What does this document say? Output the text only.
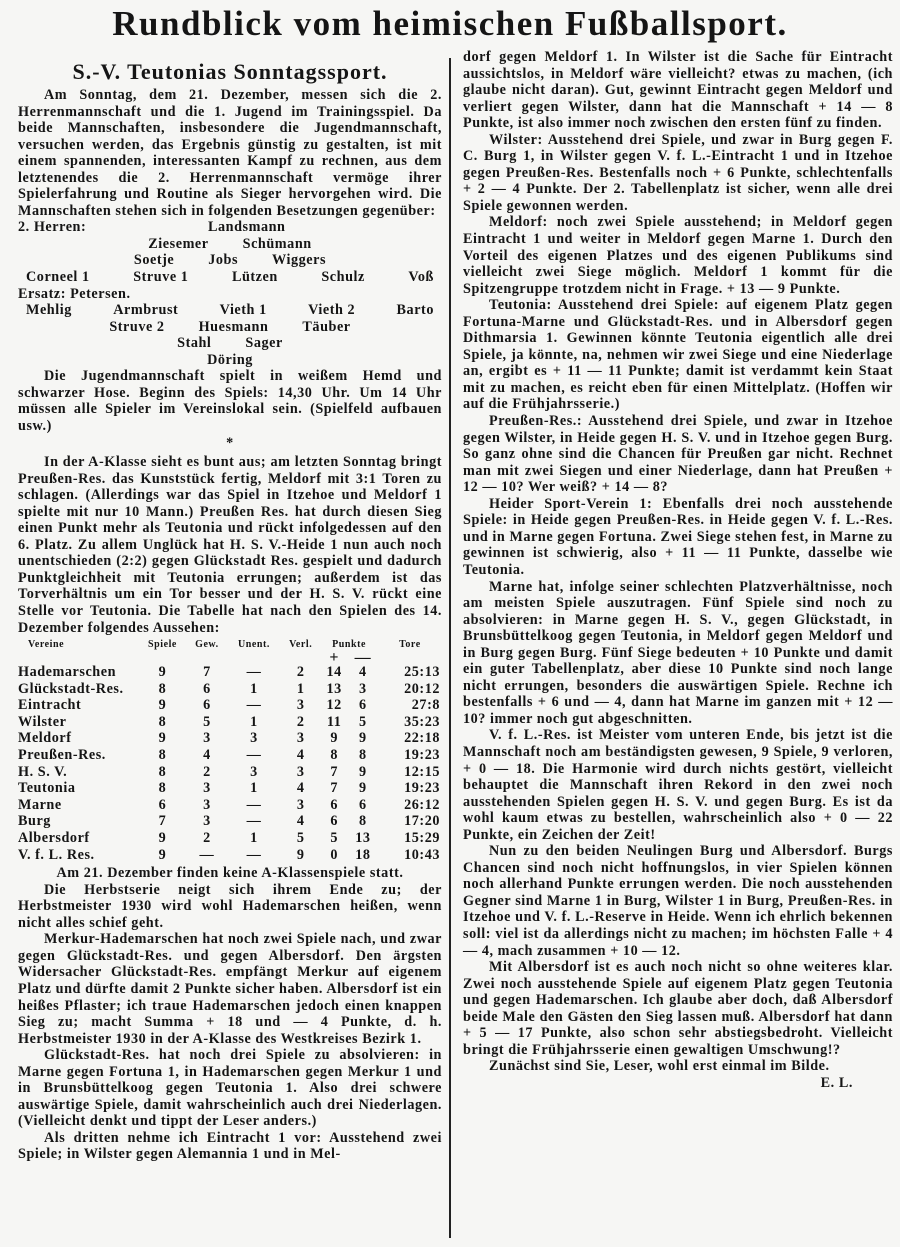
Rundblick vom heimischen Fußballsport.
S.-V. Teutonias Sonntagssport.

Am Sonntag, dem 21. Dezember, messen sich die 2. Herrenmannschaft und die 1. Jugend im Trainingsspiel. Da beide Mannschaften, insbesondere die Jugendmannschaft, versuchen werden, das Ergebnis günstig zu gestalten, ist mit einem spannenden, interessanten Kampf zu rechnen, aus dem letztenendes die 2. Herrenmannschaft vermöge ihrer Spielerfahrung und Routine als Sieger hervorgehen wird. Die Mannschaften stehen sich in folgenden Besetzungen gegenüber:

2. Herren:	Landsmann
Ziesemer Schümann
Soetje Jobs Wiggers
Corneel 1	Struve 1	Lützen	Schulz	Voß
Ersatz: Petersen.
Mehlig	Armbrust	Vieth 1	Vieth 2	Barto
Struve 2 Huesmann Täuber
Stahl Sager
Döring

Die Jugendmannschaft spielt in weißem Hemd und schwarzer Hose. Beginn des Spiels: 14,30 Uhr. Um 14 Uhr müssen alle Spieler im Vereinslokal sein. (Spielfeld aufbauen usw.)

*

In der A-Klasse sieht es bunt aus; am letzten Sonntag bringt Preußen-Res. das Kunststück fertig, Meldorf mit 3:1 Toren zu schlagen. (Allerdings war das Spiel in Itzehoe und Meldorf 1 spielte mit nur 10 Mann.) Preußen Res. hat durch diesen Sieg einen Punkt mehr als Teutonia und rückt infolgedessen auf den 6. Platz. Zu allem Unglück hat H. S. V.-Heide 1 nun auch noch unentschieden (2:2) gegen Glückstadt Res. gespielt und dadurch Punktgleichheit mit Teutonia errungen; außerdem ist das Torverhältnis um ein Tor besser und der H. S. V. rückt eine Stelle vor Teutonia. Die Tabelle hat nach den Spielen des 14. Dezember folgendes Aussehen:

Vereine	Spiele	Gew.	Unent.	Verl.	Punkte		Tore
					+	—	
Hademarschen	9	7	—	2	14	4	25:13
Glückstadt-Res.	8	6	1	1	13	3	20:12
Eintracht	9	6	—	3	12	6	27:8
Wilster	8	5	1	2	11	5	35:23
Meldorf	9	3	3	3	9	9	22:18
Preußen-Res.	8	4	—	4	8	8	19:23
H. S. V.	8	2	3	3	7	9	12:15
Teutonia	8	3	1	4	7	9	19:23
Marne	6	3	—	3	6	6	26:12
Burg	7	3	—	4	6	8	17:20
Albersdorf	9	2	1	5	5	13	15:29
V. f. L. Res.	9	—	—	9	0	18	10:43

Am 21. Dezember finden keine A-Klassenspiele statt.

Die Herbstserie neigt sich ihrem Ende zu; der Herbstmeister 1930 wird wohl Hademarschen heißen, wenn nicht alles schief geht.

Merkur-Hademarschen hat noch zwei Spiele nach, und zwar gegen Glückstadt-Res. und gegen Albersdorf. Den ärgsten Widersacher Glückstadt-Res. empfängt Merkur auf eigenem Platz und dürfte damit 2 Punkte sicher haben. Albersdorf ist ein heißes Pflaster; ich traue Hademarschen jedoch einen knappen Sieg zu; macht Summa + 18 und — 4 Punkte, d. h. Herbstmeister 1930 in der A-Klasse des Westkreises Bezirk 1.

Glückstadt-Res. hat noch drei Spiele zu absolvieren: in Marne gegen Fortuna 1, in Hademarschen gegen Merkur 1 und in Brunsbüttelkoog gegen Teutonia 1. Also drei schwere auswärtige Spiele, damit wahrscheinlich auch drei Niederlagen. (Vielleicht denkt und tippt der Leser anders.)

Als dritten nehme ich Eintracht 1 vor: Ausstehend zwei Spiele; in Wilster gegen Alemannia 1 und in Mel-

dorf gegen Meldorf 1. In Wilster ist die Sache für Eintracht aussichtslos, in Meldorf wäre vielleicht? etwas zu machen, (ich glaube nicht daran). Gut, gewinnt Eintracht gegen Meldorf und verliert gegen Wilster, dann hat die Mannschaft + 14 — 8 Punkte, ist also immer noch zwischen den ersten fünf zu finden.

Wilster: Ausstehend drei Spiele, und zwar in Burg gegen F. C. Burg 1, in Wilster gegen V. f. L.-Eintracht 1 und in Itzehoe gegen Preußen-Res. Bestenfalls noch + 6 Punkte, schlechtenfalls + 2 — 4 Punkte. Der 2. Tabellenplatz ist sicher, wenn alle drei Spiele gewonnen werden.

Meldorf: noch zwei Spiele ausstehend; in Meldorf gegen Eintracht 1 und weiter in Meldorf gegen Marne 1. Durch den Vorteil des eigenen Platzes und des eigenen Publikums sind vielleicht zwei Siege möglich. Meldorf 1 kommt für die Spitzengruppe trotzdem nicht in Frage. + 13 — 9 Punkte.

Teutonia: Ausstehend drei Spiele: auf eigenem Platz gegen Fortuna-Marne und Glückstadt-Res. und in Albersdorf gegen Dithmarsia 1. Gewinnen könnte Teutonia eigentlich alle drei Spiele, ja könnte, na, nehmen wir zwei Siege und eine Niederlage an, ergibt es + 11 — 11 Punkte; damit ist verdammt kein Staat mit zu machen, es reicht eben für einen Mittelplatz. (Hoffen wir auf die Frühjahrsserie.)

Preußen-Res.: Ausstehend drei Spiele, und zwar in Itzehoe gegen Wilster, in Heide gegen H. S. V. und in Itzehoe gegen Burg. So ganz ohne sind die Chancen für Preußen gar nicht. Rechnet man mit zwei Siegen und einer Niederlage, dann hat Preußen + 12 — 10? Wer weiß? + 14 — 8?

Heider Sport-Verein 1: Ebenfalls drei noch ausstehende Spiele: in Heide gegen Preußen-Res. in Heide gegen V. f. L.-Res. und in Marne gegen Fortuna. Zwei Siege stehen fest, in Marne zu gewinnen ist schwierig, also + 11 — 11 Punkte, dasselbe wie Teutonia.

Marne hat, infolge seiner schlechten Platzverhältnisse, noch am meisten Spiele auszutragen. Fünf Spiele sind noch zu absolvieren: in Marne gegen H. S. V., gegen Glückstadt, in Brunsbüttelkoog gegen Teutonia, in Meldorf gegen Meldorf und in Burg gegen Burg. Fünf Siege bedeuten + 10 Punkte und damit ein guter Tabellenplatz, aber diese 10 Punkte sind noch lange nicht errungen, besonders die auswärtigen Spiele. Rechne ich bestenfalls + 6 und — 4, dann hat Marne im ganzen mit + 12 — 10? immer noch gut abgeschnitten.

V. f. L.-Res. ist Meister vom unteren Ende, bis jetzt ist die Mannschaft noch am beständigsten gewesen, 9 Spiele, 9 verloren, + 0 — 18. Die Harmonie wird durch nichts gestört, vielleicht behauptet die Mannschaft ihren Rekord in den zwei noch ausstehenden Spielen gegen H. S. V. und gegen Burg. Es ist da wohl kaum etwas zu bestellen, wahrscheinlich also + 0 — 22 Punkte, ein Zeichen der Zeit!

Nun zu den beiden Neulingen Burg und Albersdorf. Burgs Chancen sind noch nicht hoffnungslos, in vier Spielen können noch allerhand Punkte errungen werden. Die noch ausstehenden Gegner sind Marne 1 in Burg, Wilster 1 in Burg, Preußen-Res. in Itzehoe und V. f. L.-Reserve in Heide. Wenn ich ehrlich bekennen soll: viel ist da allerdings nicht zu machen; im höchsten Falle + 4 — 4, mach zusammen + 10 — 12.

Mit Albersdorf ist es auch noch nicht so ohne weiteres klar. Zwei noch ausstehende Spiele auf eigenem Platz gegen Teutonia und gegen Hademarschen. Ich glaube aber doch, daß Albersdorf beide Male den Gästen den Sieg lassen muß. Albersdorf hat dann + 5 — 17 Punkte, also schon sehr abstiegsbedroht. Vielleicht bringt die Frühjahrsserie einen gewaltigen Umschwung!?

Zunächst sind Sie, Leser, wohl erst einmal im Bilde.

E. L.
